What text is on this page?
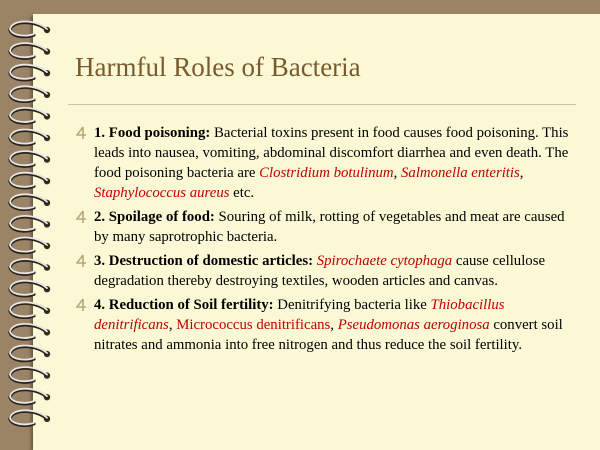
Harmful Roles of Bacteria
1. Food poisoning: Bacterial toxins present in food causes food poisoning. This leads into nausea, vomiting, abdominal discomfort diarrhea and even death. The food poisoning bacteria are Clostridium botulinum, Salmonella enteritis, Staphylococcus aureus etc.
2. Spoilage of food: Souring of milk, rotting of vegetables and meat are caused by many saprotrophic bacteria.
3. Destruction of domestic articles: Spirochaete cytophaga cause cellulose degradation thereby destroying textiles, wooden articles and canvas.
4. Reduction of Soil fertility: Denitrifying bacteria like Thiobacillus denitrificans, Micrococcus denitrificans, Pseudomonas aeroginosa convert soil nitrates and ammonia into free nitrogen and thus reduce the soil fertility.
